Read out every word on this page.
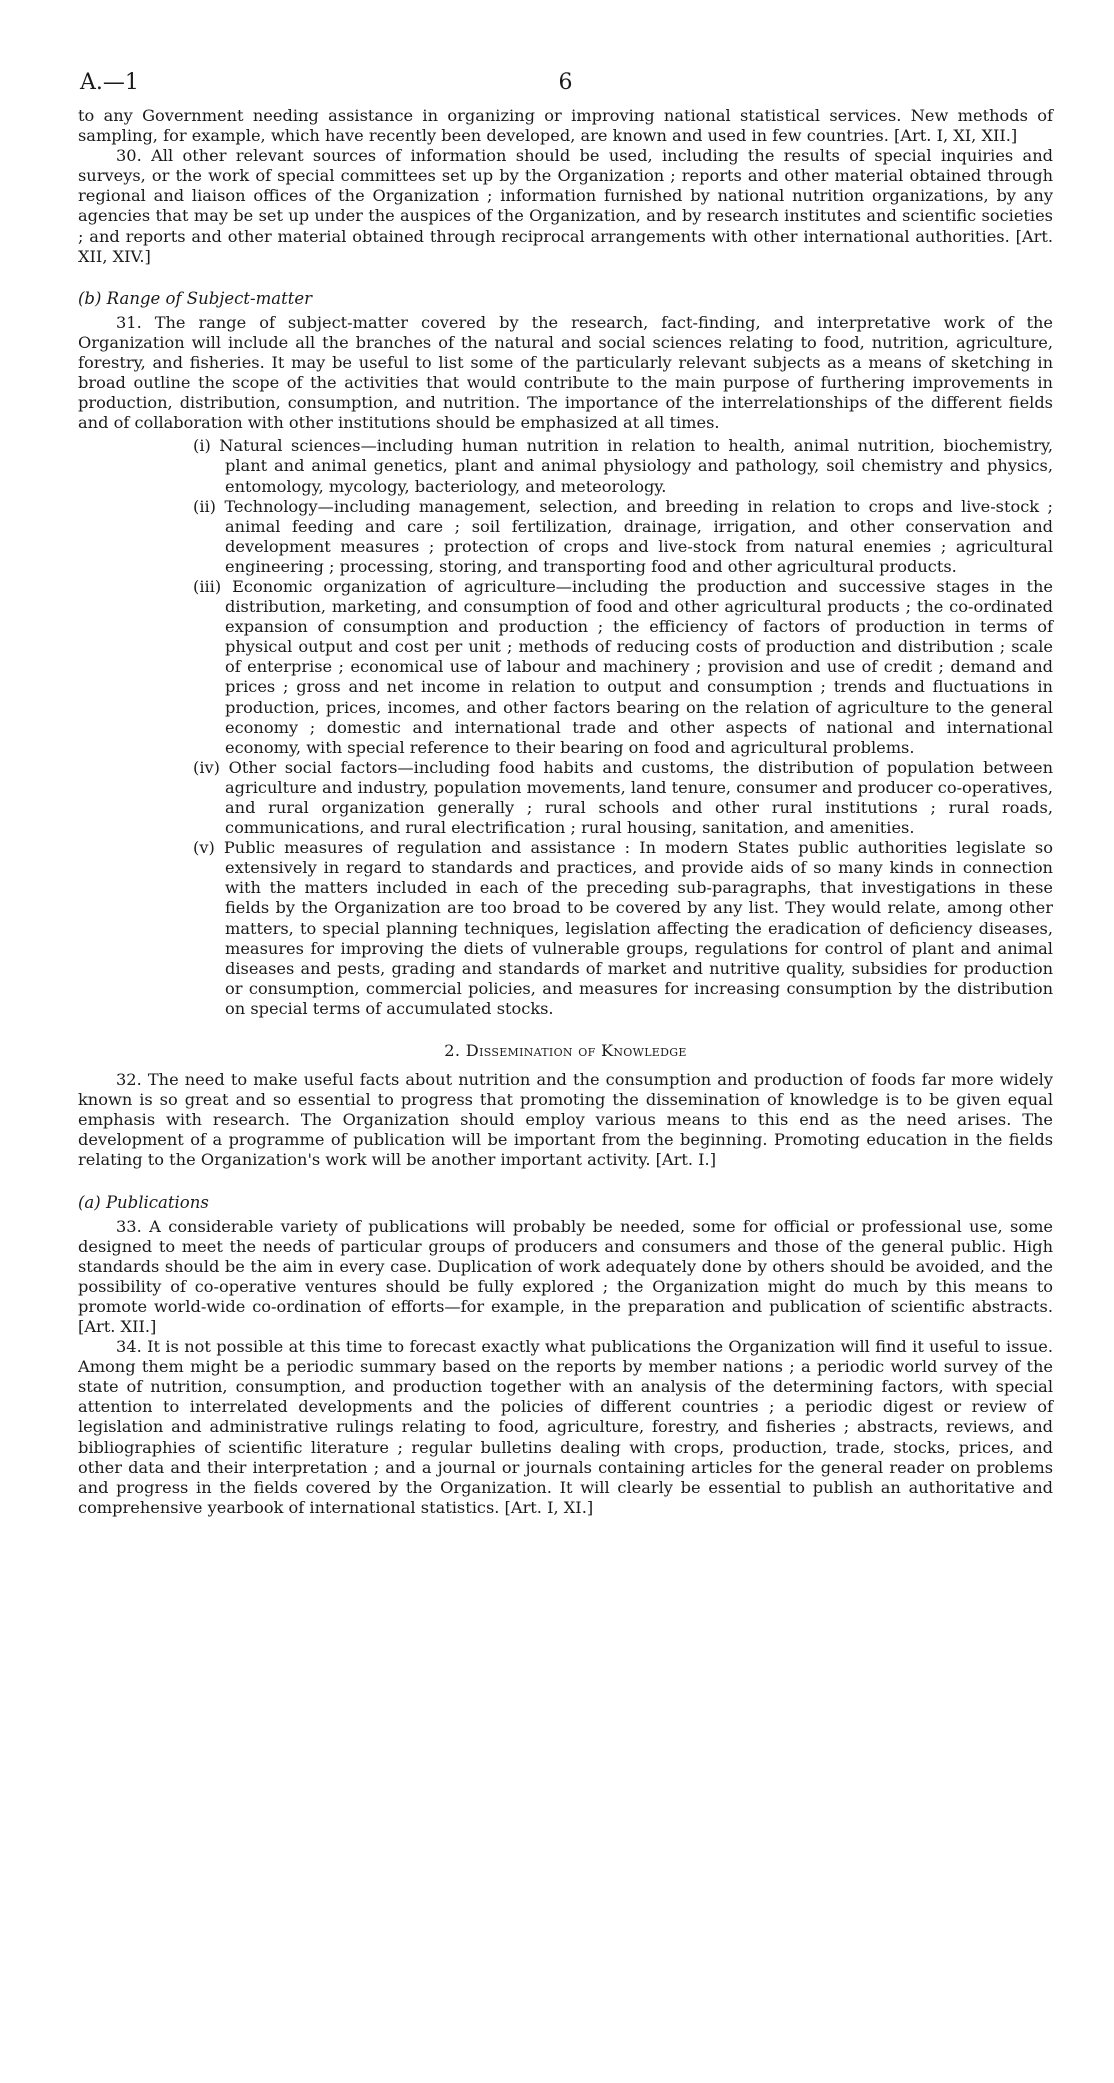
A.—1	6

to any Government needing assistance in organizing or improving national statistical services. New methods of sampling, for example, which have recently been developed, are known and used in few countries. [Art. I, XI, XII.]

30. All other relevant sources of information should be used, including the results of special inquiries and surveys, or the work of special committees set up by the Organization ; reports and other material obtained through regional and liaison offices of the Organization ; information furnished by national nutrition organizations, by any agencies that may be set up under the auspices of the Organization, and by research institutes and scientific societies ; and reports and other material obtained through reciprocal arrangements with other international authorities. [Art. XII, XIV.]

(b) Range of Subject-matter

31. The range of subject-matter covered by the research, fact-finding, and interpretative work of the Organization will include all the branches of the natural and social sciences relating to food, nutrition, agriculture, forestry, and fisheries. It may be useful to list some of the particularly relevant subjects as a means of sketching in broad outline the scope of the activities that would contribute to the main purpose of furthering improvements in production, distribution, consumption, and nutrition. The importance of the interrelationships of the different fields and of collaboration with other institutions should be emphasized at all times.

(i) Natural sciences—including human nutrition in relation to health, animal nutrition, biochemistry, plant and animal genetics, plant and animal physiology and pathology, soil chemistry and physics, entomology, mycology, bacteriology, and meteorology.

(ii) Technology—including management, selection, and breeding in relation to crops and live-stock ; animal feeding and care ; soil fertilization, drainage, irrigation, and other conservation and development measures ; protection of crops and live-stock from natural enemies ; agricultural engineering ; processing, storing, and transporting food and other agricultural products.

(iii) Economic organization of agriculture—including the production and successive stages in the distribution, marketing, and consumption of food and other agricultural products ; the co-ordinated expansion of consumption and production ; the efficiency of factors of production in terms of physical output and cost per unit ; methods of reducing costs of production and distribution ; scale of enterprise ; economical use of labour and machinery ; provision and use of credit ; demand and prices ; gross and net income in relation to output and consumption ; trends and fluctuations in production, prices, incomes, and other factors bearing on the relation of agriculture to the general economy ; domestic and international trade and other aspects of national and international economy, with special reference to their bearing on food and agricultural problems.

(iv) Other social factors—including food habits and customs, the distribution of population between agriculture and industry, population movements, land tenure, consumer and producer co-operatives, and rural organization generally ; rural schools and other rural institutions ; rural roads, communications, and rural electrification ; rural housing, sanitation, and amenities.

(v) Public measures of regulation and assistance : In modern States public authorities legislate so extensively in regard to standards and practices, and provide aids of so many kinds in connection with the matters included in each of the preceding sub-paragraphs, that investigations in these fields by the Organization are too broad to be covered by any list. They would relate, among other matters, to special planning techniques, legislation affecting the eradication of deficiency diseases, measures for improving the diets of vulnerable groups, regulations for control of plant and animal diseases and pests, grading and standards of market and nutritive quality, subsidies for production or consumption, commercial policies, and measures for increasing consumption by the distribution on special terms of accumulated stocks.

2. Dissemination of Knowledge

32. The need to make useful facts about nutrition and the consumption and production of foods far more widely known is so great and so essential to progress that promoting the dissemination of knowledge is to be given equal emphasis with research. The Organization should employ various means to this end as the need arises. The development of a programme of publication will be important from the beginning. Promoting education in the fields relating to the Organization's work will be another important activity. [Art. I.]

(a) Publications

33. A considerable variety of publications will probably be needed, some for official or professional use, some designed to meet the needs of particular groups of producers and consumers and those of the general public. High standards should be the aim in every case. Duplication of work adequately done by others should be avoided, and the possibility of co-operative ventures should be fully explored ; the Organization might do much by this means to promote world-wide co-ordination of efforts—for example, in the preparation and publication of scientific abstracts. [Art. XII.]

34. It is not possible at this time to forecast exactly what publications the Organization will find it useful to issue. Among them might be a periodic summary based on the reports by member nations ; a periodic world survey of the state of nutrition, consumption, and production together with an analysis of the determining factors, with special attention to interrelated developments and the policies of different countries ; a periodic digest or review of legislation and administrative rulings relating to food, agriculture, forestry, and fisheries ; abstracts, reviews, and bibliographies of scientific literature ; regular bulletins dealing with crops, production, trade, stocks, prices, and other data and their interpretation ; and a journal or journals containing articles for the general reader on problems and progress in the fields covered by the Organization. It will clearly be essential to publish an authoritative and comprehensive yearbook of international statistics. [Art. I, XI.]
